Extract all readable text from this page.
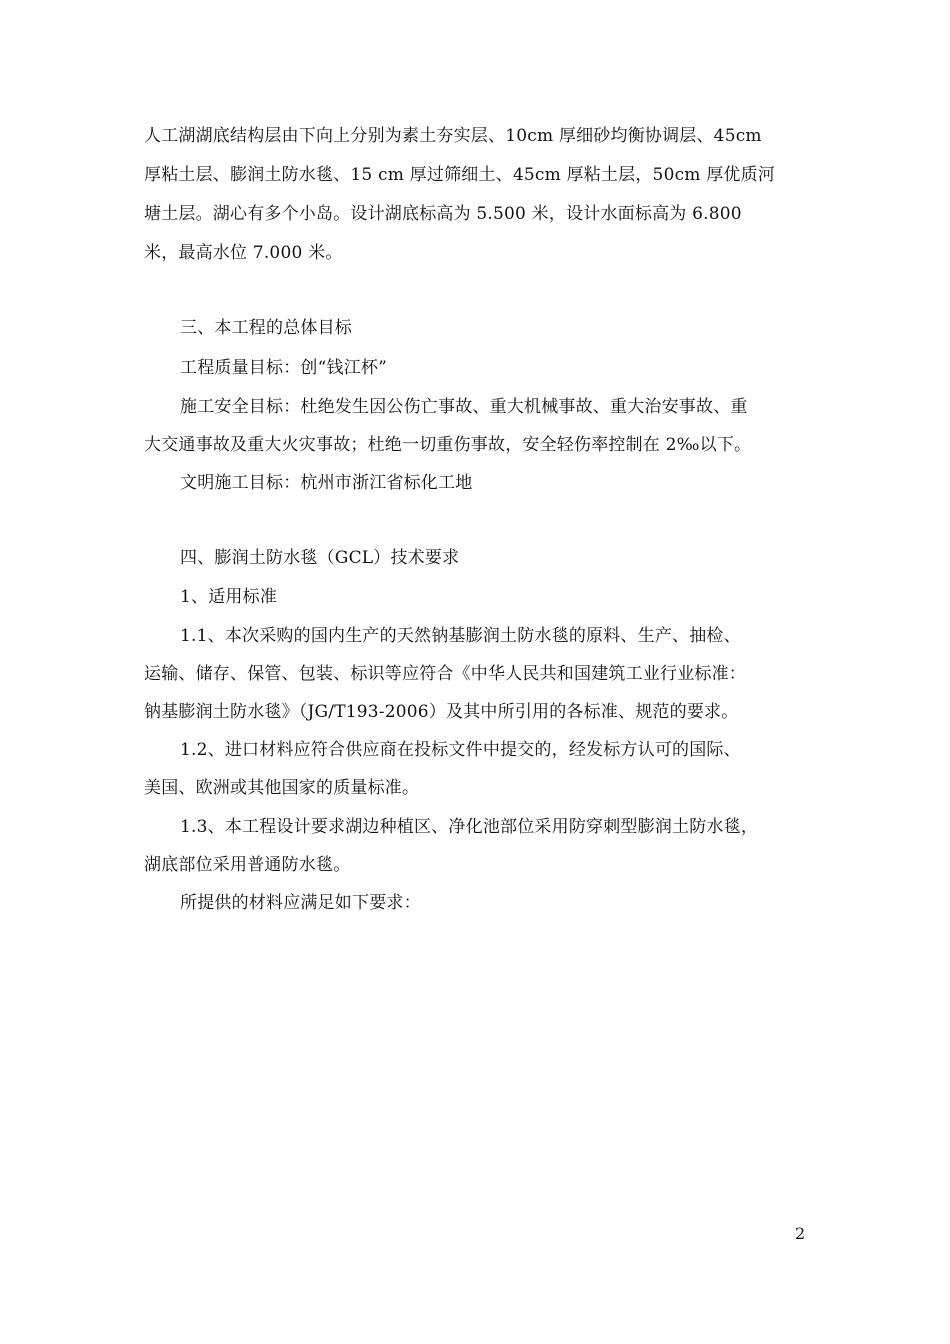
人工湖湖底结构层由下向上分别为素土夯实层、10cm 厚细砂均衡协调层、45cm
厚粘土层、膨润土防水毯、15 cm 厚过筛细土、45cm 厚粘土层，50cm 厚优质河
塘土层。湖心有多个小岛。设计湖底标高为 5.500 米，设计水面标高为 6.800
米，最高水位 7.000 米。
三、本工程的总体目标
工程质量目标：创“钱江杯”
施工安全目标：杜绝发生因公伤亡事故、重大机械事故、重大治安事故、重
大交通事故及重大火灾事故；杜绝一切重伤事故，安全轻伤率控制在 2‰以下。
文明施工目标：杭州市浙江省标化工地
四、膨润土防水毯（GCL）技术要求
1、适用标准
1.1、本次采购的国内生产的天然钠基膨润土防水毯的原料、生产、抽检、
运输、储存、保管、包装、标识等应符合《中华人民共和国建筑工业行业标准：
钠基膨润土防水毯》（JG/T193-2006）及其中所引用的各标准、规范的要求。
1.2、进口材料应符合供应商在投标文件中提交的，经发标方认可的国际、
美国、欧洲或其他国家的质量标准。
1.3、本工程设计要求湖边种植区、净化池部位采用防穿刺型膨润土防水毯，
湖底部位采用普通防水毯。
所提供的材料应满足如下要求：
2
